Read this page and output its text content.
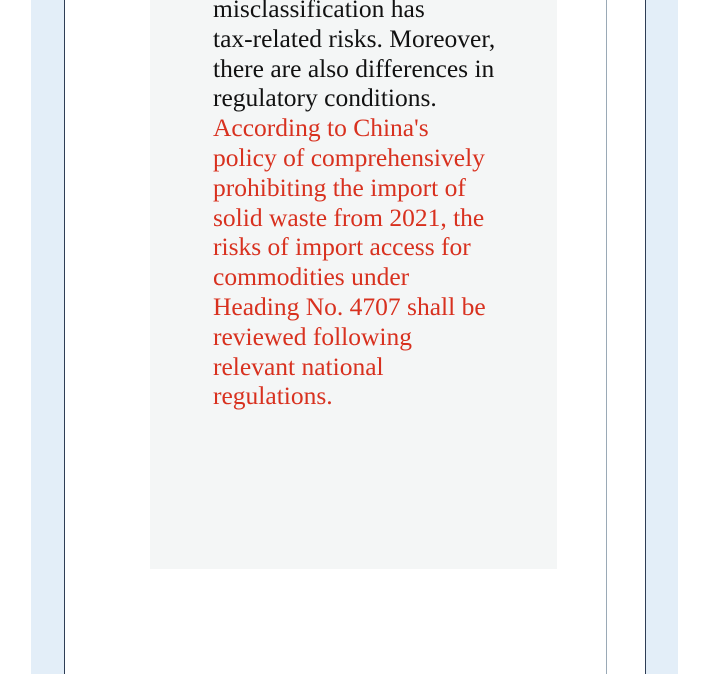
misclassification has
tax-related risks. Moreover,
there are also differences in
regulatory conditions.
According to China's
policy of comprehensively
prohibiting the import of
solid waste from 2021, the
risks of import access for
commodities under
Heading No. 4707 shall be
reviewed following
relevant national
regulations.
